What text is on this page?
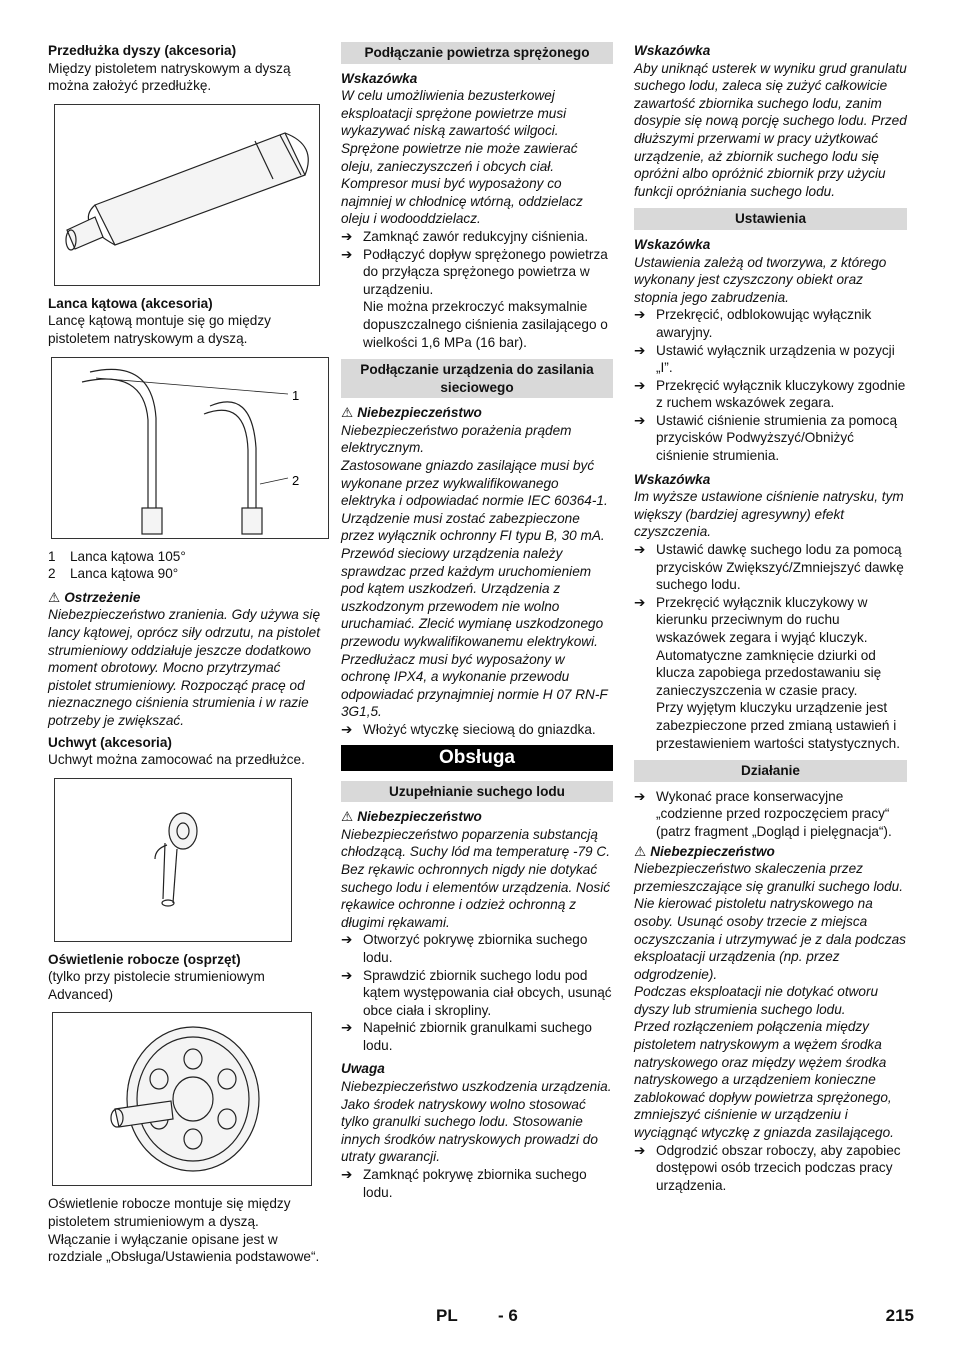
Przedłużka dyszy (akcesoria)

Między pistoletem natryskowym a dyszą można założyć przedłużkę.

Lanca kątowa (akcesoria)

Lancę kątową montuje się go między pistoletem natryskowym a dyszą.

1
2
1	Lanca kątowa 105°
2	Lanca kątowa 90°

⚠ Ostrzeżenie

Niebezpieczeństwo zranienia. Gdy używa się lancy kątowej, oprócz siły odrzutu, na pistolet strumieniowy oddziałuje jeszcze dodatkowo moment obrotowy. Mocno przytrzymać pistolet strumieniowy. Rozpocząć pracę od nieznacznego ciśnienia strumienia i w razie potrzeby je zwiększać.

Uchwyt (akcesoria)

Uchwyt można zamocować na przedłużce.

Oświetlenie robocze (osprzęt)

(tylko przy pistolecie strumieniowym Advanced)

Oświetlenie robocze montuje się między pistoletem strumieniowym a dyszą. Włączanie i wyłączanie opisane jest w rozdziale „Obsługa/Ustawienia podstawowe“.

Podłączanie powietrza sprężonego

Wskazówka

W celu umożliwienia bezusterkowej eksploatacji sprężone powietrze musi wykazywać niską zawartość wilgoci. Sprężone powietrze nie może zawierać oleju, zanieczyszczeń i obcych ciał.

Kompresor musi być wyposażony co najmniej w chłodnicę wtórną, oddzielacz oleju i wodooddzielacz.

➔ Zamknąć zawór redukcyjny ciśnienia.
➔ Podłączyć dopływ sprężonego powietrza do przyłącza sprężonego powietrza w urządzeniu.

Nie można przekroczyć maksymalnie dopuszczalnego ciśnienia zasilającego o wielkości 1,6 MPa (16 bar).

Podłączanie urządzenia do zasilania sieciowego

⚠ Niebezpieczeństwo

Niebezpieczeństwo porażenia prądem elektrycznym.

Zastosowane gniazdo zasilające musi być wykonane przez wykwalifikowanego elektryka i odpowiadać normie IEC 60364-1.

Urządzenie musi zostać zabezpieczone przez wyłącznik ochronny FI typu B, 30 mA.

Przewód sieciowy urządzenia należy sprawdzac przed każdym uruchomieniem pod kątem uszkodzeń. Urządzenia z uszkodzonym przewodem nie wolno uruchamiać. Zlecić wymianę uszkodzonego przewodu wykwalifikowanemu elektrykowi.

Przedłużacz musi być wyposażony w ochronę IPX4, a wykonanie przewodu odpowiadać przynajmniej normie H 07 RN-F 3G1,5.

➔ Włożyć wtyczkę sieciową do gniazdka.
Obsługa
Uzupełnianie suchego lodu

⚠ Niebezpieczeństwo

Niebezpieczeństwo poparzenia substancją chłodzącą. Suchy lód ma temperaturę -79 C. Bez rękawic ochronnych nigdy nie dotykać suchego lodu i elementów urządzenia. Nosić rękawice ochronne i odzież ochronną z długimi rękawami.

➔ Otworzyć pokrywę zbiornika suchego lodu.
➔ Sprawdzić zbiornik suchego lodu pod kątem występowania ciał obcych, usunąć obce ciała i skropliny.
➔ Napełnić zbiornik granulkami suchego lodu.

Uwaga

Niebezpieczeństwo uszkodzenia urządzenia. Jako środek natryskowy wolno stosować tylko granulki suchego lodu. Stosowanie innych środków natryskowych prowadzi do utraty gwarancji.

➔ Zamknąć pokrywę zbiornika suchego lodu.

Wskazówka

Aby uniknąć usterek w wyniku grud granulatu suchego lodu, zaleca się zużyć całkowicie zawartość zbiornika suchego lodu, zanim dosypie się nową porcję suchego lodu. Przed dłuższymi przerwami w pracy użytkować urządzenie, aż zbiornik suchego lodu się opróżni albo opróżnić zbiornik przy użyciu funkcji opróżniania suchego lodu.

Ustawienia

Wskazówka

Ustawienia zależą od tworzywa, z którego wykonany jest czyszczony obiekt oraz stopnia jego zabrudzenia.

➔ Przekręcić, odblokowując wyłącznik awaryjny.
➔ Ustawić wyłącznik urządzenia w pozycji „I”.
➔ Przekręcić wyłącznik kluczykowy zgodnie z ruchem wskazówek zegara.
➔ Ustawić ciśnienie strumienia za pomocą przycisków Podwyższyć/Obniżyć ciśnienie strumienia.

Wskazówka

Im wyższe ustawione ciśnienie natrysku, tym większy (bardziej agresywny) efekt czyszczenia.

➔ Ustawić dawkę suchego lodu za pomocą przycisków Zwiększyć/Zmniejszyć dawkę suchego lodu.
➔ Przekręcić wyłącznik kluczykowy w kierunku przeciwnym do ruchu wskazówek zegara i wyjąć kluczyk.

Automatyczne zamknięcie dziurki od klucza zapobiega przedostawaniu się zanieczyszczenia w czasie pracy.

Przy wyjętym kluczyku urządzenie jest zabezpieczone przed zmianą ustawień i przestawieniem wartości statystycznych.

Działanie
➔ Wykonać prace konserwacyjne „codzienne przed rozpoczęciem pracy“ (patrz fragment „Dogląd i pielęgnacja“).

⚠ Niebezpieczeństwo

Niebezpieczeństwo skaleczenia przez przemieszczające się granulki suchego lodu. Nie kierować pistoletu natryskowego na osoby. Usunąć osoby trzecie z miejsca oczyszczania i utrzymywać je z dala podczas eksploatacji urządzenia (np. przez odgrodzenie).

Podczas eksploatacji nie dotykać otworu dyszy lub strumienia suchego lodu.

Przed rozłączeniem połączenia między pistoletem natryskowym a wężem środka natryskowego oraz między wężem środka natryskowego a urządzeniem konieczne zablokować dopływ powietrza sprężonego, zmniejszyć ciśnienie w urządzeniu i wyciągnąć wtyczkę z gniazda zasilającego.

➔ Odgrodzić obszar roboczy, aby zapobiec dostępowi osób trzecich podczas pracy urządzenia.
PL - 6	215
